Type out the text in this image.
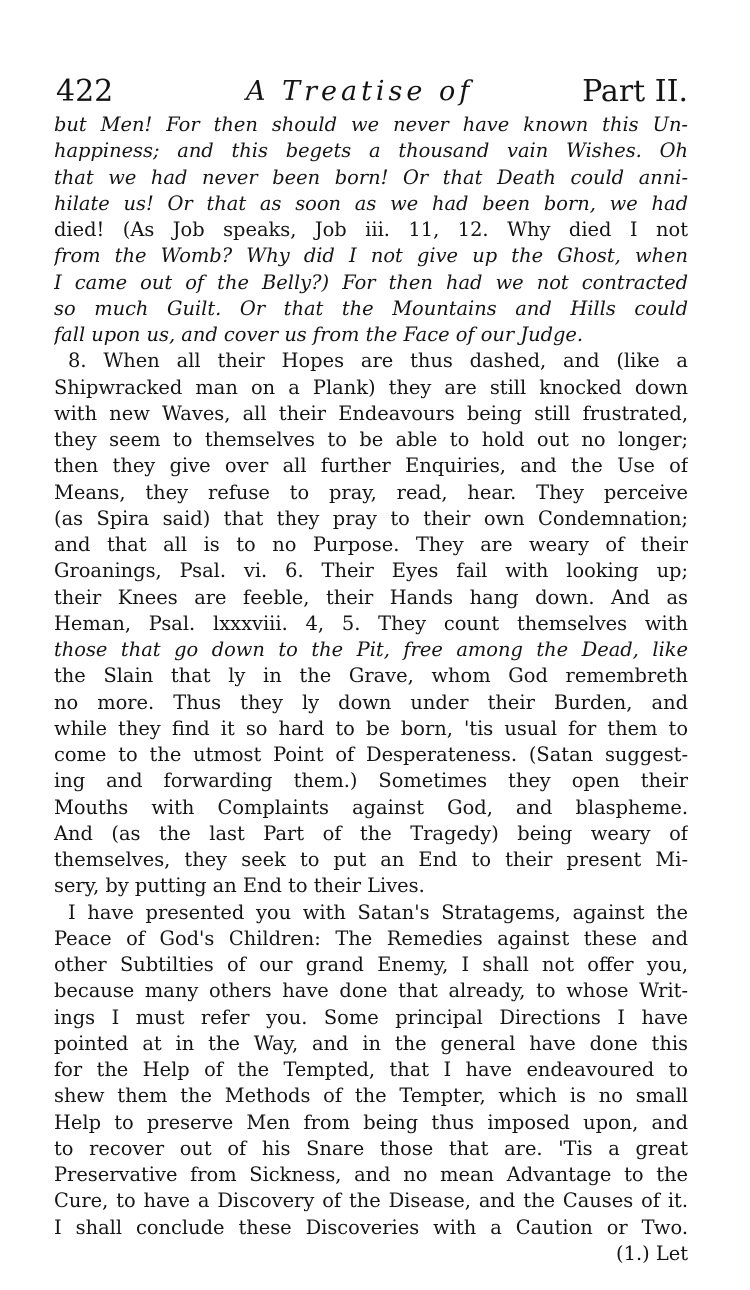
422	A Treatise of	Part II.
but Men! For then should we never have known this Un-
happiness; and this begets a thousand vain Wishes. Oh
that we had never been born! Or that Death could anni-
hilate us! Or that as soon as we had been born, we had
died! (As Job speaks, Job iii. 11, 12. Why died I not
from the Womb? Why did I not give up the Ghost, when
I came out of the Belly?) For then had we not contracted
so much Guilt. Or that the Mountains and Hills could
fall upon us, and cover us from the Face of our Judge.
8. When all their Hopes are thus dashed, and (like a
Shipwracked man on a Plank) they are still knocked down
with new Waves, all their Endeavours being still frustrated,
they seem to themselves to be able to hold out no longer;
then they give over all further Enquiries, and the Use of
Means, they refuse to pray, read, hear. They perceive
(as Spira said) that they pray to their own Condemnation;
and that all is to no Purpose. They are weary of their
Groanings, Psal. vi. 6. Their Eyes fail with looking up;
their Knees are feeble, their Hands hang down. And as
Heman, Psal. lxxxviii. 4, 5. They count themselves with
those that go down to the Pit, free among the Dead, like
the Slain that ly in the Grave, whom God remembreth
no more. Thus they ly down under their Burden, and
while they find it so hard to be born, 'tis usual for them to
come to the utmost Point of Desperateness. (Satan suggest-
ing and forwarding them.) Sometimes they open their
Mouths with Complaints against God, and blaspheme.
And (as the last Part of the Tragedy) being weary of
themselves, they seek to put an End to their present Mi-
sery, by putting an End to their Lives.
I have presented you with Satan's Stratagems, against the
Peace of God's Children: The Remedies against these and
other Subtilties of our grand Enemy, I shall not offer you,
because many others have done that already, to whose Writ-
ings I must refer you. Some principal Directions I have
pointed at in the Way, and in the general have done this
for the Help of the Tempted, that I have endeavoured to
shew them the Methods of the Tempter, which is no small
Help to preserve Men from being thus imposed upon, and
to recover out of his Snare those that are. 'Tis a great
Preservative from Sickness, and no mean Advantage to the
Cure, to have a Discovery of the Disease, and the Causes of it.
I shall conclude these Discoveries with a Caution or Two.
(1.) Let
